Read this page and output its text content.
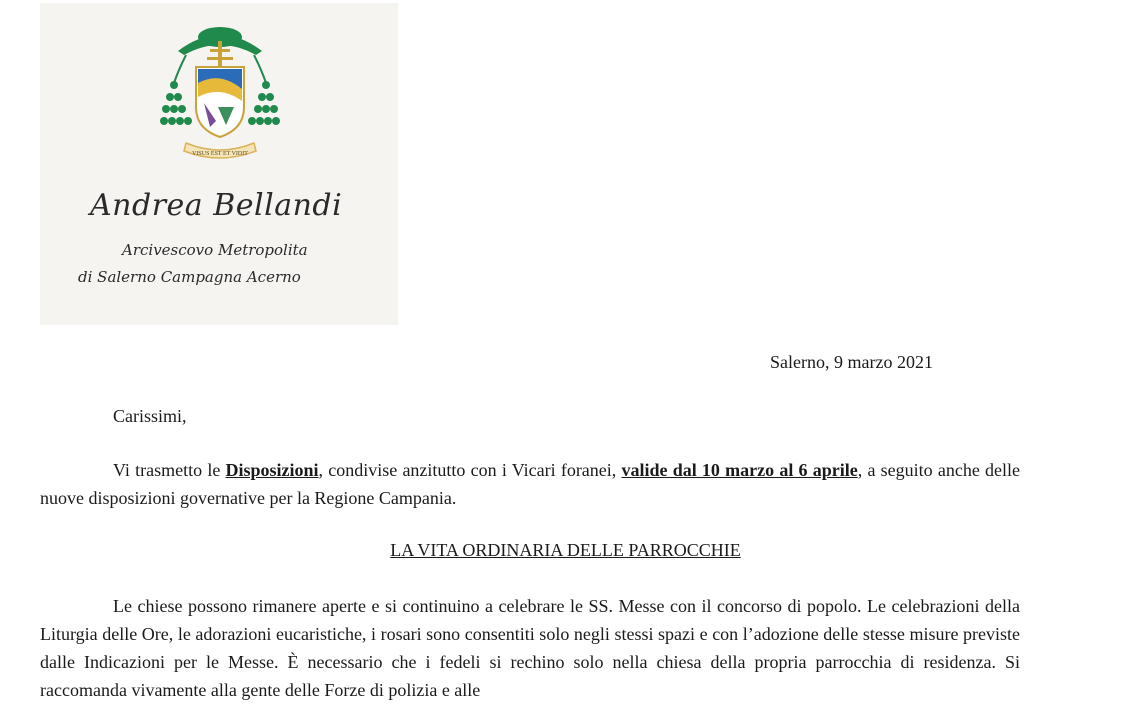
VISUS EST ET VIDIT
Andrea Bellandi
Arcivescovo Metropolita
di Salerno Campagna Acerno
Salerno, 9 marzo 2021
Carissimi,

Vi trasmetto le Disposizioni, condivise anzitutto con i Vicari foranei, valide dal 10 marzo al 6 aprile, a seguito anche delle nuove disposizioni governative per la Regione Campania.

LA VITA ORDINARIA DELLE PARROCCHIE

Le chiese possono rimanere aperte e si continuino a celebrare le SS. Messe con il concorso di popolo. Le celebrazioni della Liturgia delle Ore, le adorazioni eucaristiche, i rosari sono consentiti solo negli stessi spazi e con l’adozione delle stesse misure previste dalle Indicazioni per le Messe. È necessario che i fedeli si rechino solo nella chiesa della propria parrocchia di residenza. Si raccomanda vivamente alla gente delle Forze di polizia e alle
